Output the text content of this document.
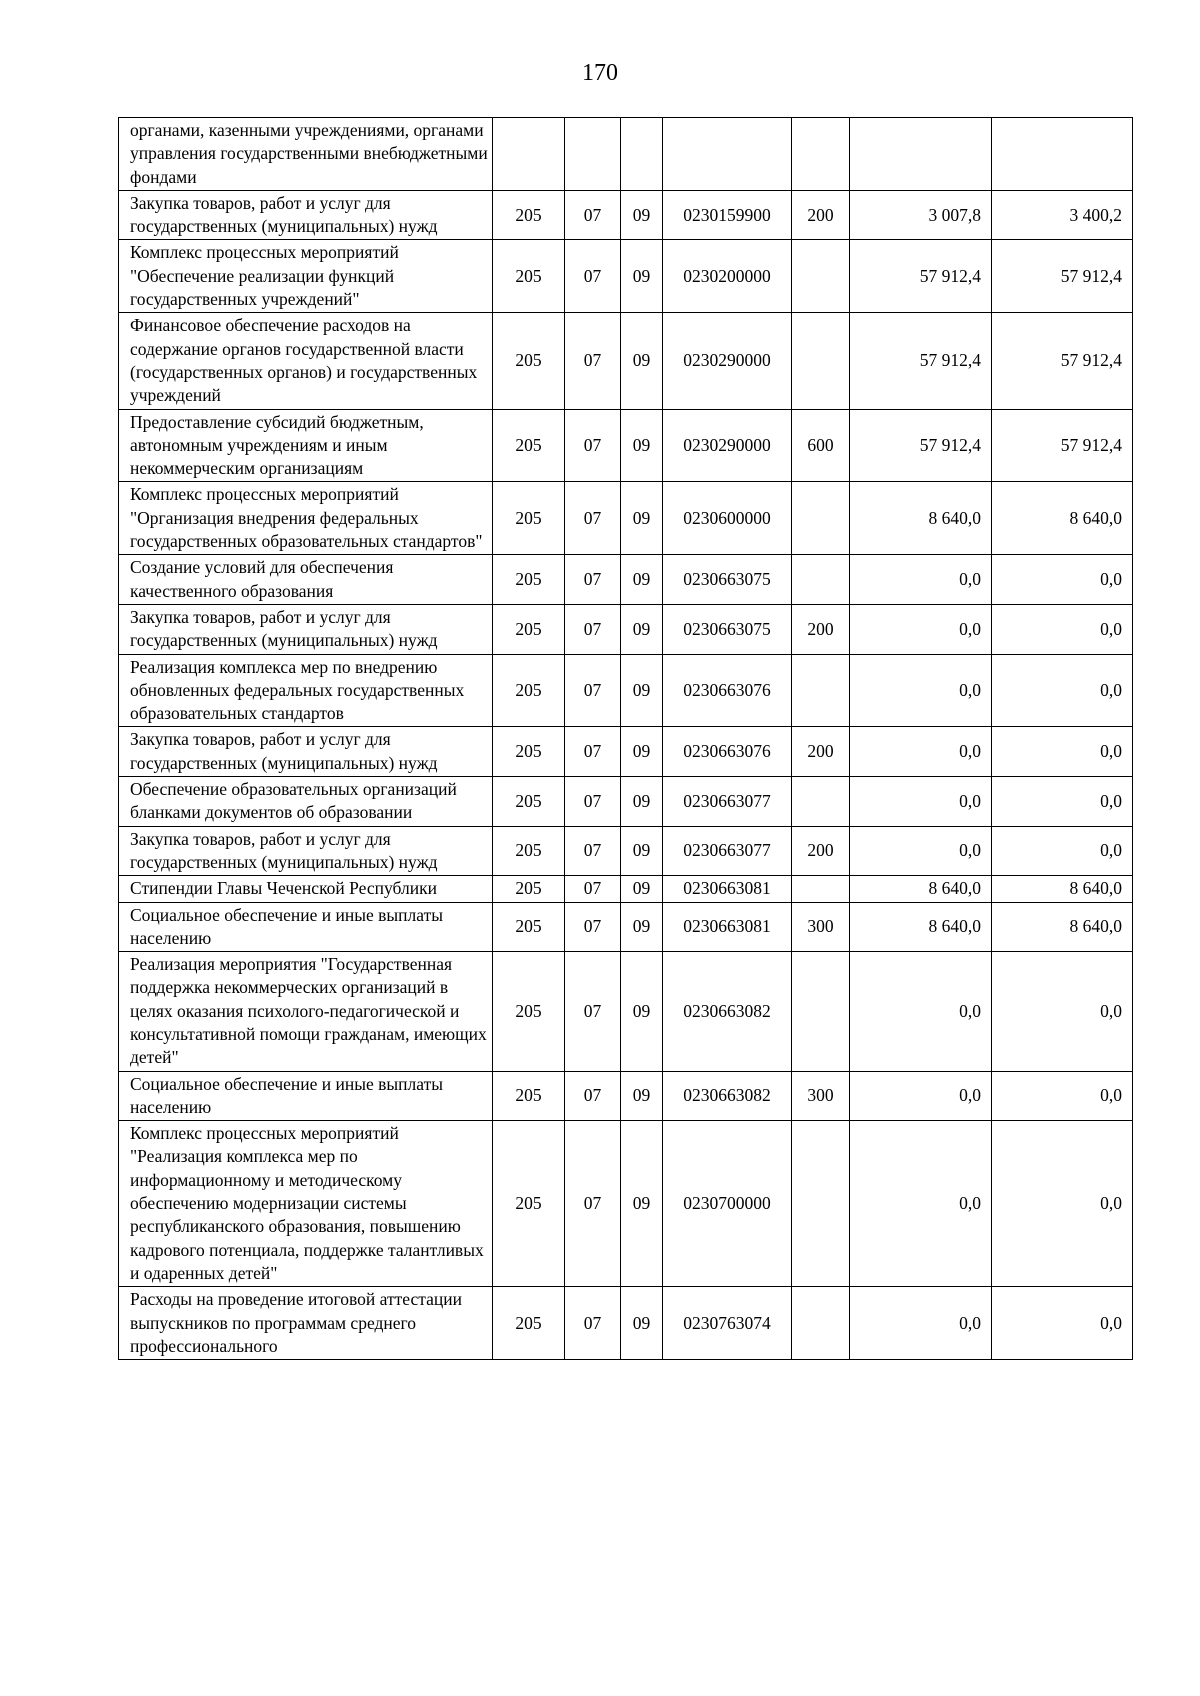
170
органами, казенными учреждениями, органами управления государственными внебюджетными фондами							
Закупка товаров, работ и услуг для государственных (муниципальных) нужд	205	07	09	0230159900	200	3 007,8	3 400,2
Комплекс процессных мероприятий "Обеспечение реализации функций государственных учреждений"	205	07	09	0230200000		57 912,4	57 912,4
Финансовое обеспечение расходов на содержание органов государственной власти (государственных органов) и государственных учреждений	205	07	09	0230290000		57 912,4	57 912,4
Предоставление субсидий бюджетным, автономным учреждениям и иным некоммерческим организациям	205	07	09	0230290000	600	57 912,4	57 912,4
Комплекс процессных мероприятий "Организация внедрения федеральных государственных образовательных стандартов"	205	07	09	0230600000		8 640,0	8 640,0
Создание условий для обеспечения качественного образования	205	07	09	0230663075		0,0	0,0
Закупка товаров, работ и услуг для государственных (муниципальных) нужд	205	07	09	0230663075	200	0,0	0,0
Реализация комплекса мер по внедрению обновленных федеральных государственных образовательных стандартов	205	07	09	0230663076		0,0	0,0
Закупка товаров, работ и услуг для государственных (муниципальных) нужд	205	07	09	0230663076	200	0,0	0,0
Обеспечение образовательных организаций бланками документов об образовании	205	07	09	0230663077		0,0	0,0
Закупка товаров, работ и услуг для государственных (муниципальных) нужд	205	07	09	0230663077	200	0,0	0,0
Стипендии Главы Чеченской Республики	205	07	09	0230663081		8 640,0	8 640,0
Социальное обеспечение и иные выплаты населению	205	07	09	0230663081	300	8 640,0	8 640,0
Реализация мероприятия "Государственная поддержка некоммерческих организаций в целях оказания психолого-педагогической и консультативной помощи гражданам, имеющих детей"	205	07	09	0230663082		0,0	0,0
Социальное обеспечение и иные выплаты населению	205	07	09	0230663082	300	0,0	0,0
Комплекс процессных мероприятий "Реализация комплекса мер по информационному и методическому обеспечению модернизации системы республиканского образования, повышению кадрового потенциала, поддержке талантливых и одаренных детей"	205	07	09	0230700000		0,0	0,0
Расходы на проведение итоговой аттестации выпускников по программам среднего профессионального	205	07	09	0230763074		0,0	0,0
